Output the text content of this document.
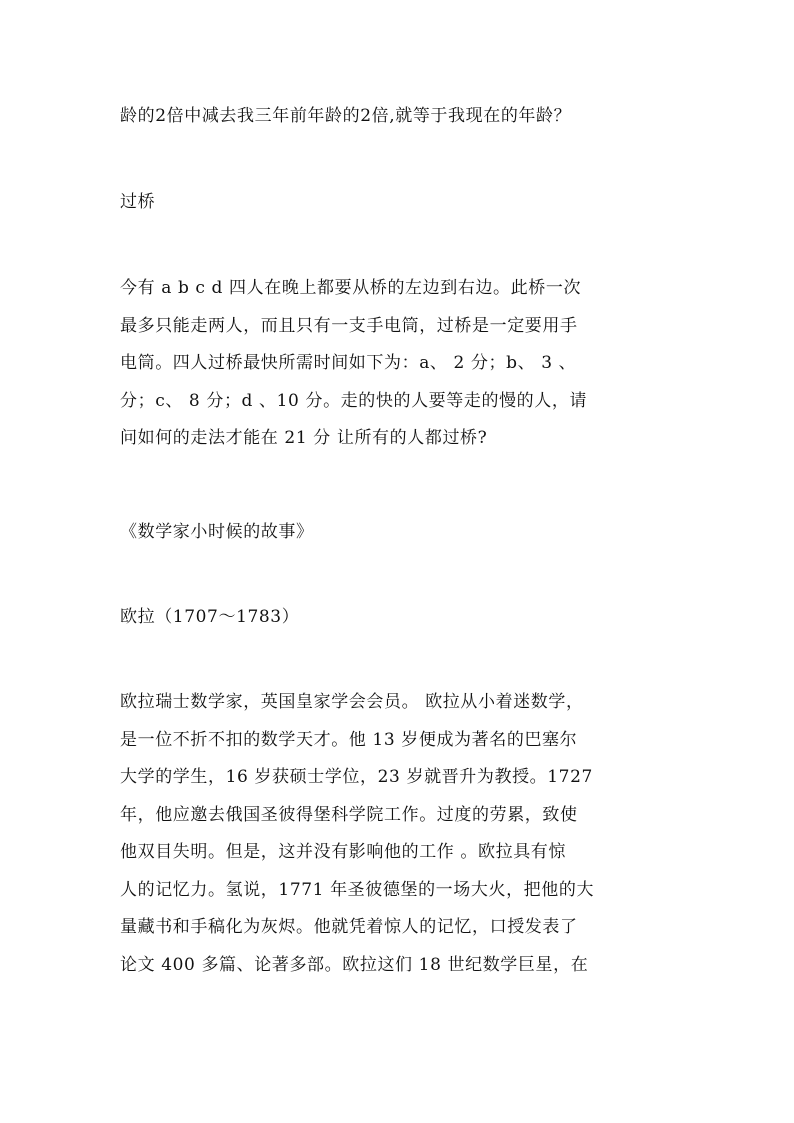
龄的2倍中减去我三年前年龄的2倍,就等于我现在的年龄？
过桥
今有 a b c d 四人在晚上都要从桥的左边到右边。此桥一次
最多只能走两人，而且只有一支手电筒，过桥是一定要用手
电筒。四人过桥最快所需时间如下为：a、 2 分；b、 3 、
分；c、 8 分；d 、10 分。走的快的人要等走的慢的人，请
问如何的走法才能在 21 分 让所有的人都过桥?
《数学家小时候的故事》
欧拉（1707～1783）
欧拉瑞士数学家，英国皇家学会会员。 欧拉从小着迷数学，
是一位不折不扣的数学天才。他 13 岁便成为著名的巴塞尔
大学的学生，16 岁获硕士学位，23 岁就晋升为教授。1727
年，他应邀去俄国圣彼得堡科学院工作。过度的劳累，致使
他双目失明。但是，这并没有影响他的工作 。欧拉具有惊
人的记忆力。氢说，1771 年圣彼德堡的一场大火，把他的大
量藏书和手稿化为灰烬。他就凭着惊人的记忆，口授发表了
论文 400 多篇、论著多部。欧拉这们 18 世纪数学巨星，在
